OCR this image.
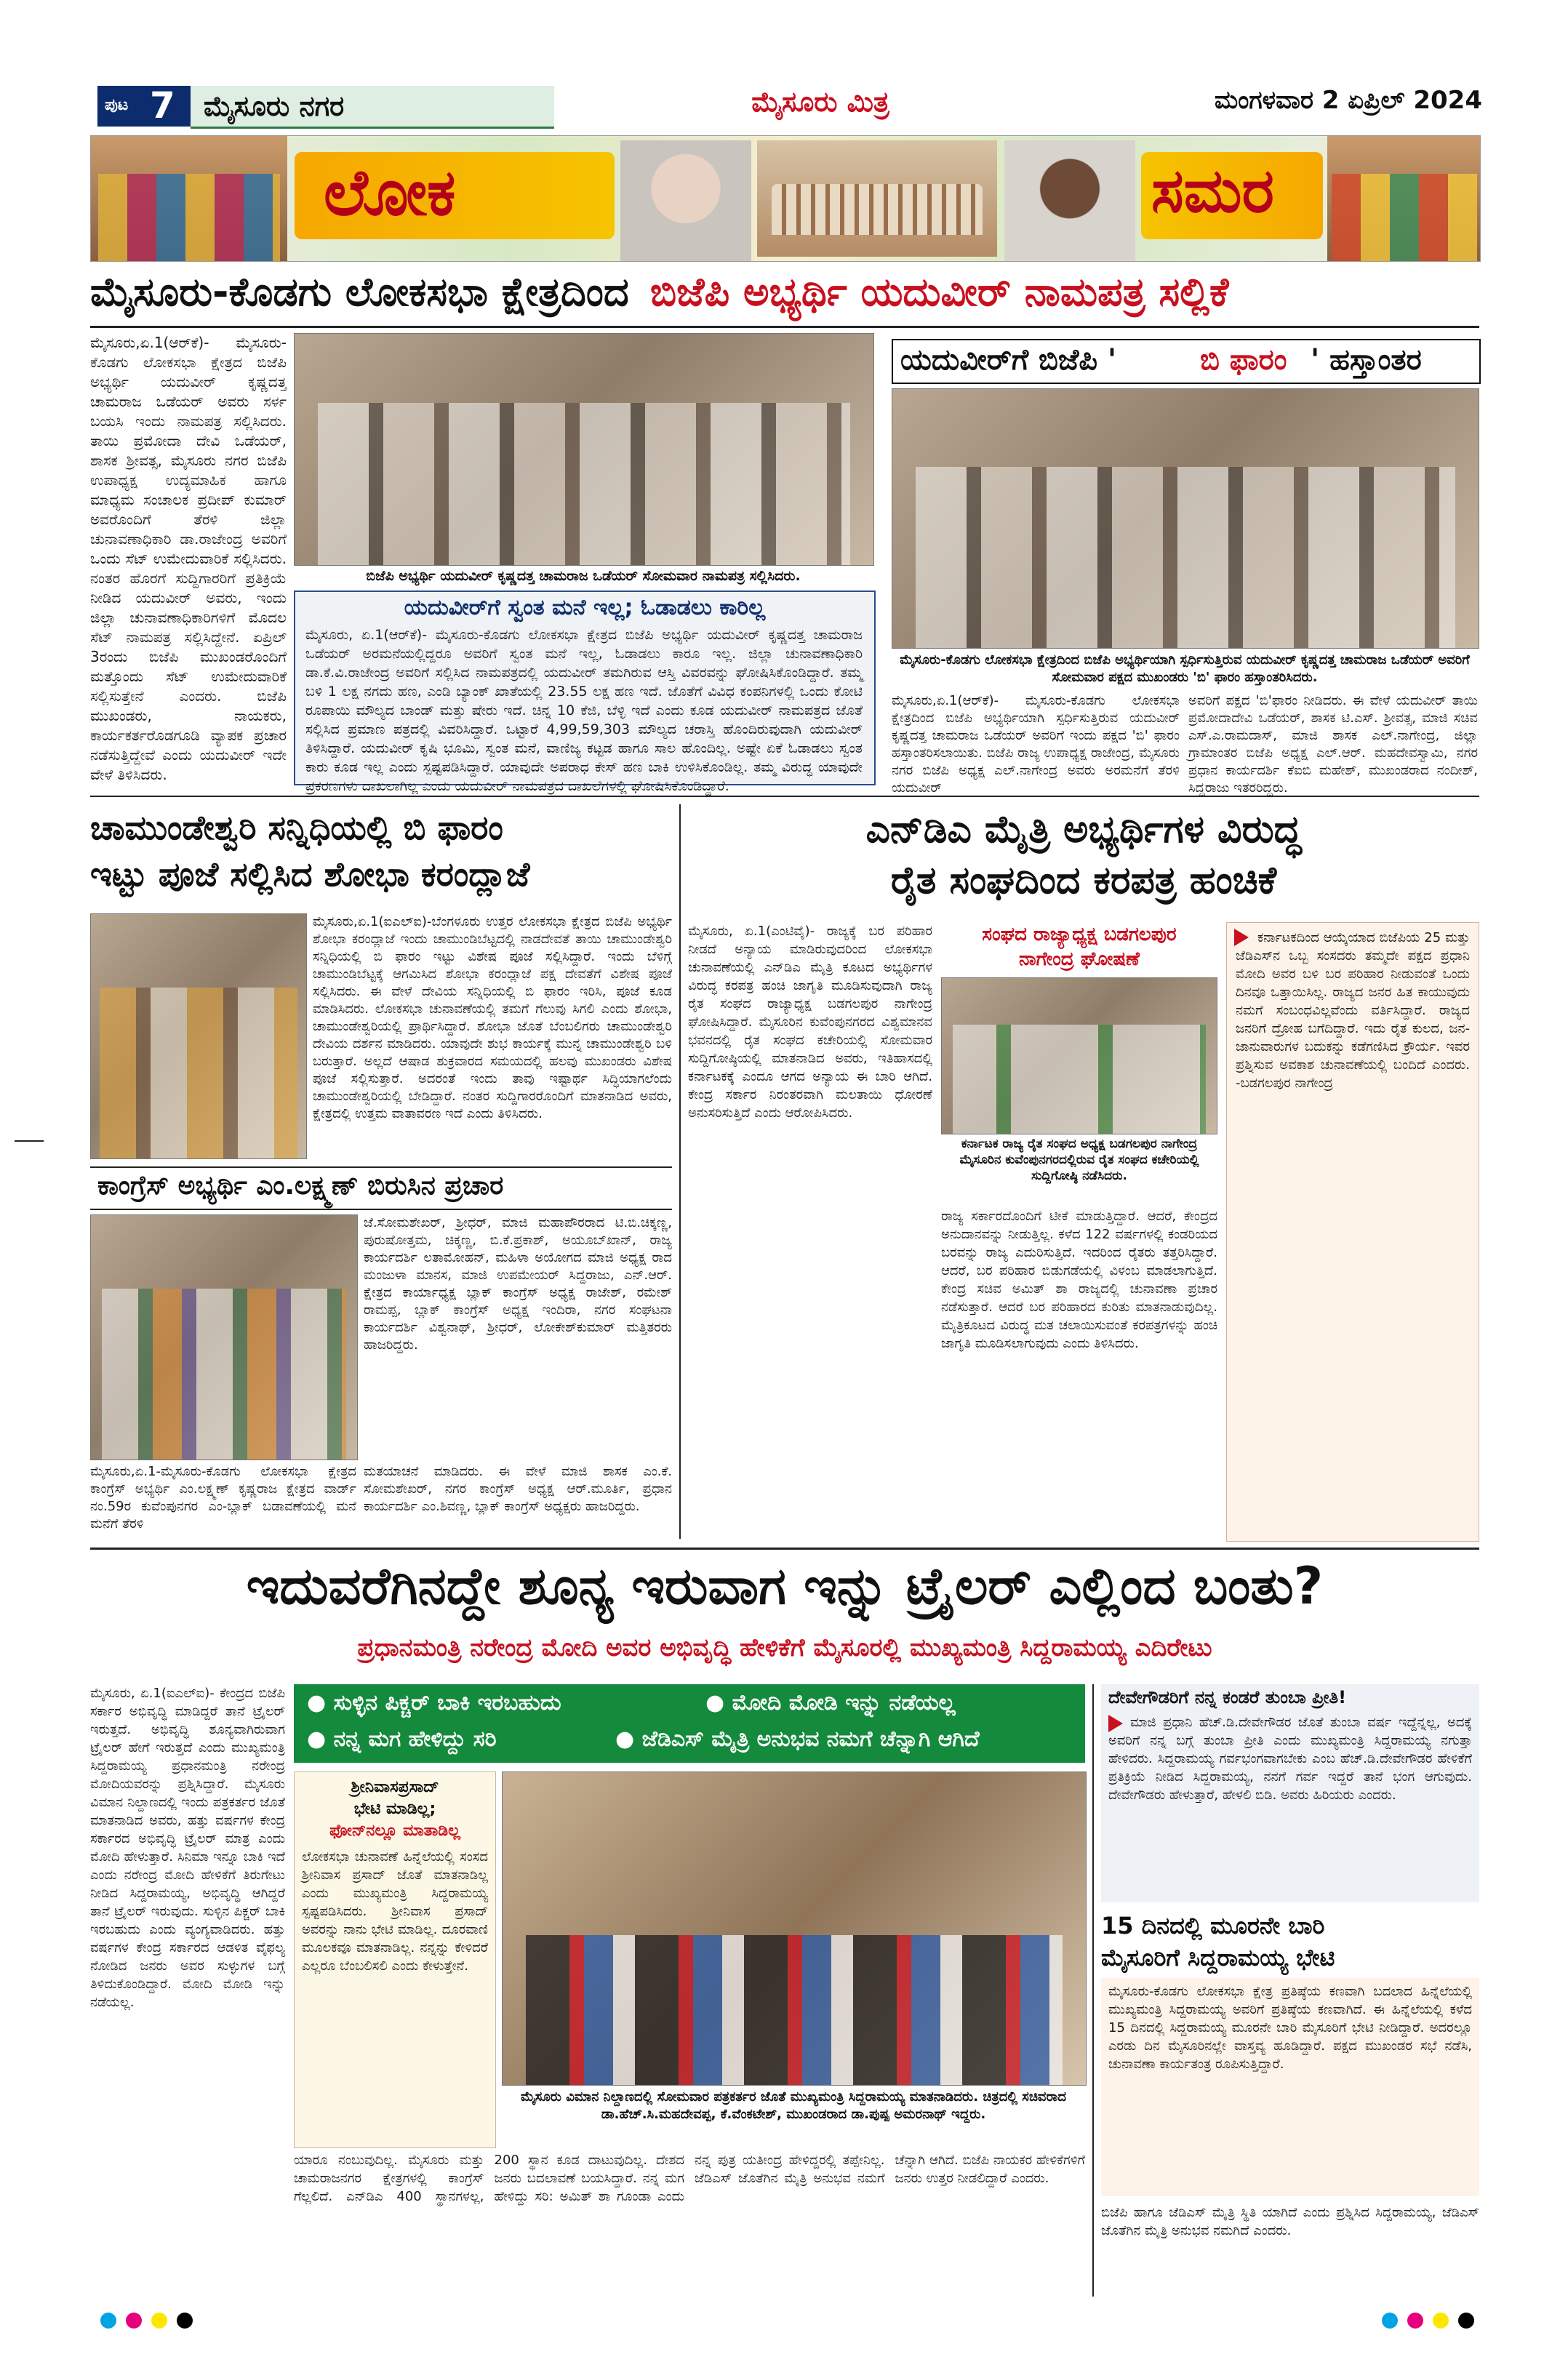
ಪುಟ 7 ಮೈಸೂರು ನಗರ	ಮೈಸೂರು ಮಿತ್ರ	ಮಂಗಳವಾರ 2 ಏಪ್ರಿಲ್ 2024
ಲೋಕ	ಸಮರ
ಮೈಸೂರು-ಕೊಡಗು ಲೋಕಸಭಾ ಕ್ಷೇತ್ರದಿಂದ ಬಿಜೆಪಿ ಅಭ್ಯರ್ಥಿ ಯದುವೀರ್ ನಾಮಪತ್ರ ಸಲ್ಲಿಕೆ
ಮೈಸೂರು,ಏ.1(ಆರ್‌ಕೆ)- ಮೈಸೂರು-ಕೊಡಗು ಲೋಕಸಭಾ ಕ್ಷೇತ್ರದ ಬಿಜೆಪಿ ಅಭ್ಯರ್ಥಿ ಯದುವೀರ್ ಕೃಷ್ಣದತ್ತ ಚಾಮರಾಜ ಒಡೆಯರ್ ಅವರು ಸರ್ಳ ಬಯಸಿ ಇಂದು ನಾಮಪತ್ರ ಸಲ್ಲಿಸಿದರು. ತಾಯಿ ಪ್ರಮೋದಾ ದೇವಿ ಒಡೆಯರ್, ಶಾಸಕ ಶ್ರೀವತ್ಸ, ಮೈಸೂರು ನಗರ ಬಿಜೆಪಿ ಉಪಾಧ್ಯಕ್ಷ ಉದ್ಯಮಾಹಿಕ ಹಾಗೂ ಮಾಧ್ಯಮ ಸಂಚಾಲಕ ಪ್ರದೀಪ್ ಕುಮಾರ್ ಅವರೊಂದಿಗೆ ತೆರಳಿ ಜಿಲ್ಲಾ ಚುನಾವಣಾಧಿಕಾರಿ ಡಾ.ರಾಜೇಂದ್ರ ಅವರಿಗೆ ಒಂದು ಸೆಟ್ ಉಮೇದುವಾರಿಕೆ ಸಲ್ಲಿಸಿದರು. ನಂತರ ಹೊರಗೆ ಸುದ್ದಿಗಾರರಿಗೆ ಪ್ರತಿಕ್ರಿಯೆ ನೀಡಿದ ಯದುವೀರ್ ಅವರು, ಇಂದು ಜಿಲ್ಲಾ ಚುನಾವಣಾಧಿಕಾರಿಗಳಿಗೆ ಮೊದಲ ಸೆಟ್ ನಾಮಪತ್ರ ಸಲ್ಲಿಸಿದ್ದೇನೆ. ಏಪ್ರಿಲ್ 3ರಂದು ಬಿಜೆಪಿ ಮುಖಂಡರೊಂದಿಗೆ ಮತ್ತೊಂದು ಸೆಟ್ ಉಮೇದುವಾರಿಕೆ ಸಲ್ಲಿಸುತ್ತೇನೆ ಎಂದರು. ಬಿಜೆಪಿ ಮುಖಂಡರು, ನಾಯಕರು, ಕಾರ್ಯಕರ್ತರೊಡಗೂಡಿ ವ್ಯಾಪಕ ಪ್ರಚಾರ ನಡೆಸುತ್ತಿದ್ದೇವೆ ಎಂದು ಯದುವೀರ್ ಇದೇ ವೇಳೆ ತಿಳಿಸಿದರು.
ಬಿಜೆಪಿ ಅಭ್ಯರ್ಥಿ ಯದುವೀರ್ ಕೃಷ್ಣದತ್ತ ಚಾಮರಾಜ ಒಡೆಯರ್ ಸೋಮವಾರ ನಾಮಪತ್ರ ಸಲ್ಲಿಸಿದರು.
ಯದುವೀರ್‌ಗೆ ಸ್ವಂತ ಮನೆ ಇಲ್ಲ; ಓಡಾಡಲು ಕಾರಿಲ್ಲ
ಮೈಸೂರು, ಏ.1(ಆರ್‌ಕೆ)- ಮೈಸೂರು-ಕೊಡಗು ಲೋಕಸಭಾ ಕ್ಷೇತ್ರದ ಬಿಜೆಪಿ ಅಭ್ಯರ್ಥಿ ಯದುವೀರ್ ಕೃಷ್ಣದತ್ತ ಚಾಮರಾಜ ಒಡೆಯರ್ ಅರಮನೆಯಲ್ಲಿದ್ದರೂ ಅವರಿಗೆ ಸ್ವಂತ ಮನೆ ಇಲ್ಲ, ಓಡಾಡಲು ಕಾರೂ ಇಲ್ಲ. ಜಿಲ್ಲಾ ಚುನಾವಣಾಧಿಕಾರಿ ಡಾ.ಕೆ.ವಿ.ರಾಜೇಂದ್ರ ಅವರಿಗೆ ಸಲ್ಲಿಸಿದ ನಾಮಪತ್ರದಲ್ಲಿ ಯದುವೀರ್ ತಮಗಿರುವ ಆಸ್ತಿ ವಿವರವನ್ನು ಘೋಷಿಸಿಕೊಂಡಿದ್ದಾರೆ. ತಮ್ಮ ಬಳಿ 1 ಲಕ್ಷ ನಗದು ಹಣ, ಎಂಡಿ ಬ್ಯಾಂಕ್ ಖಾತೆಯಲ್ಲಿ 23.55 ಲಕ್ಷ ಹಣ ಇದೆ. ಜೊತೆಗೆ ವಿವಿಧ ಕಂಪನಿಗಳಲ್ಲಿ ಒಂದು ಕೋಟಿ ರೂಪಾಯಿ ಮೌಲ್ಯದ ಬಾಂಡ್ ಮತ್ತು ಷೇರು ಇದೆ. ಚಿನ್ನ 10 ಕೆಜಿ, ಬೆಳ್ಳಿ ಇದೆ ಎಂದು ಕೂಡ ಯದುವೀರ್ ನಾಮಪತ್ರದ ಜೊತೆ ಸಲ್ಲಿಸಿದ ಪ್ರಮಾಣ ಪತ್ರದಲ್ಲಿ ವಿವರಿಸಿದ್ದಾರೆ. ಒಟ್ಟಾರೆ 4,99,59,303 ಮೌಲ್ಯದ ಚರಾಸ್ತಿ ಹೊಂದಿರುವುದಾಗಿ ಯದುವೀರ್ ತಿಳಿಸಿದ್ದಾರೆ. ಯದುವೀರ್ ಕೃಷಿ ಭೂಮಿ, ಸ್ವಂತ ಮನೆ, ವಾಣಿಜ್ಯ ಕಟ್ಟಡ ಹಾಗೂ ಸಾಲ ಹೊಂದಿಲ್ಲ. ಅಷ್ಟೇ ಏಕೆ ಓಡಾಡಲು ಸ್ವಂತ ಕಾರು ಕೂಡ ಇಲ್ಲ ಎಂದು ಸ್ಪಷ್ಟಪಡಿಸಿದ್ದಾರೆ. ಯಾವುದೇ ಅಪರಾಧ ಕೇಸ್ ಹಣ ಬಾಕಿ ಉಳಿಸಿಕೊಂಡಿಲ್ಲ. ತಮ್ಮ ವಿರುದ್ಧ ಯಾವುದೇ ಪ್ರಕರಣಗಳು ದಾಖಲಾಗಿಲ್ಲ ಎಂದು ಯದುವೀರ್ ನಾಮಪತ್ರದ ದಾಖಲೆಗಳಲ್ಲಿ ಘೋಷಿಸಿಕೊಂಡಿದ್ದಾರೆ.
ಯದುವೀರ್‌ಗೆ ಬಿಜೆಪಿ '	ಬಿ ಫಾರಂ ' ಹಸ್ತಾಂತರ
ಮೈಸೂರು-ಕೊಡಗು ಲೋಕಸಭಾ ಕ್ಷೇತ್ರದಿಂದ ಬಿಜೆಪಿ ಅಭ್ಯರ್ಥಿಯಾಗಿ ಸ್ಪರ್ಧಿಸುತ್ತಿರುವ ಯದುವೀರ್ ಕೃಷ್ಣದತ್ತ ಚಾಮರಾಜ ಒಡೆಯರ್ ಅವರಿಗೆ ಸೋಮವಾರ ಪಕ್ಷದ ಮುಖಂಡರು 'ಬಿ' ಫಾರಂ ಹಸ್ತಾಂತರಿಸಿದರು.
ಮೈಸೂರು,ಏ.1(ಆರ್‌ಕೆ)- ಮೈಸೂರು-ಕೊಡಗು ಲೋಕಸಭಾ ಕ್ಷೇತ್ರದಿಂದ ಬಿಜೆಪಿ ಅಭ್ಯರ್ಥಿಯಾಗಿ ಸ್ಪರ್ಧಿಸುತ್ತಿರುವ ಯದುವೀರ್ ಕೃಷ್ಣದತ್ತ ಚಾಮರಾಜ ಒಡೆಯರ್ ಅವರಿಗೆ ಇಂದು ಪಕ್ಷದ 'ಬಿ' ಫಾರಂ ಹಸ್ತಾಂತರಿಸಲಾಯಿತು. ಬಿಜೆಪಿ ರಾಜ್ಯ ಉಪಾಧ್ಯಕ್ಷ ರಾಜೇಂದ್ರ, ಮೈಸೂರು ನಗರ ಬಿಜೆಪಿ ಅಧ್ಯಕ್ಷ ಎಲ್.ನಾಗೇಂದ್ರ ಅವರು ಅರಮನೆಗೆ ತೆರಳಿ ಯದುವೀರ್
ಅವರಿಗೆ ಪಕ್ಷದ 'ಬಿ'ಫಾರಂ ನೀಡಿದರು. ಈ ವೇಳೆ ಯದುವೀರ್ ತಾಯಿ ಪ್ರಮೋದಾದೇವಿ ಒಡೆಯರ್, ಶಾಸಕ ಟಿ.ಎಸ್. ಶ್ರೀವತ್ಸ, ಮಾಜಿ ಸಚಿವ ಎಸ್.ಎ.ರಾಮದಾಸ್, ಮಾಜಿ ಶಾಸಕ ಎಲ್.ನಾಗೇಂದ್ರ, ಜಿಲ್ಲಾ ಗ್ರಾಮಾಂತರ ಬಿಜೆಪಿ ಅಧ್ಯಕ್ಷ ಎಲ್.ಆರ್. ಮಹದೇವಸ್ವಾಮಿ, ನಗರ ಪ್ರಧಾನ ಕಾರ್ಯದರ್ಶಿ ಕೆಐಬಿ ಮಹೇಶ್, ಮುಖಂಡರಾದ ನಂದೀಶ್, ಸಿದ್ದರಾಜು ಇತರರಿದ್ದರು.
ಚಾಮುಂಡೇಶ್ವರಿ ಸನ್ನಿಧಿಯಲ್ಲಿ ಬಿ ಫಾರಂ
ಇಟ್ಟು ಪೂಜೆ ಸಲ್ಲಿಸಿದ ಶೋಭಾ ಕರಂದ್ಲಾಜೆ
ಮೈಸೂರು,ಏ.1(ಐಎಲ್‌ಐ)-ಬೆಂಗಳೂರು ಉತ್ತರ ಲೋಕಸಭಾ ಕ್ಷೇತ್ರದ ಬಿಜೆಪಿ ಅಭ್ಯರ್ಥಿ ಶೋಭಾ ಕರಂದ್ಲಾಜೆ ಇಂದು ಚಾಮುಂಡಿಬೆಟ್ಟದಲ್ಲಿ ನಾಡದೇವತೆ ತಾಯಿ ಚಾಮುಂಡೇಶ್ವರಿ ಸನ್ನಿಧಿಯಲ್ಲಿ ಬಿ ಫಾರಂ ಇಟ್ಟು ವಿಶೇಷ ಪೂಜೆ ಸಲ್ಲಿಸಿದ್ದಾರೆ. ಇಂದು ಬೆಳಿಗ್ಗೆ ಚಾಮುಂಡಿಬೆಟ್ಟಕ್ಕೆ ಆಗಮಿಸಿದ ಶೋಭಾ ಕರಂದ್ಲಾಜೆ ಪಕ್ಷ ದೇವತೆಗೆ ವಿಶೇಷ ಪೂಜೆ ಸಲ್ಲಿಸಿದರು. ಈ ವೇಳೆ ದೇವಿಯ ಸನ್ನಿಧಿಯಲ್ಲಿ ಬಿ ಫಾರಂ ಇರಿಸಿ, ಪೂಜೆ ಕೂಡ ಮಾಡಿಸಿದರು. ಲೋಕಸಭಾ ಚುನಾವಣೆಯಲ್ಲಿ ತಮಗೆ ಗೆಲುವು ಸಿಗಲಿ ಎಂದು ಶೋಭಾ, ಚಾಮುಂಡೇಶ್ವರಿಯಲ್ಲಿ ಪ್ರಾರ್ಥಿಸಿದ್ದಾರೆ. ಶೋಭಾ ಜೊತೆ ಬೆಂಬಲಿಗರು ಚಾಮುಂಡೇಶ್ವರಿ ದೇವಿಯ ದರ್ಶನ ಮಾಡಿದರು. ಯಾವುದೇ ಶುಭ ಕಾರ್ಯಕ್ಕೆ ಮುನ್ನ ಚಾಮುಂಡೇಶ್ವರಿ ಬಳಿ ಬರುತ್ತಾರೆ. ಅಲ್ಲದೆ ಆಷಾಡ ಶುಕ್ರವಾರದ ಸಮಯದಲ್ಲಿ ಹಲವು ಮುಖಂಡರು ವಿಶೇಷ ಪೂಜೆ ಸಲ್ಲಿಸುತ್ತಾರೆ. ಅದರಂತೆ ಇಂದು ತಾವು ಇಷ್ಟಾರ್ಥ ಸಿದ್ಧಿಯಾಗಲೆಂದು ಚಾಮುಂಡೇಶ್ವರಿಯಲ್ಲಿ ಬೇಡಿದ್ದಾರೆ. ನಂತರ ಸುದ್ದಿಗಾರರೊಂದಿಗೆ ಮಾತನಾಡಿದ ಅವರು, ಕ್ಷೇತ್ರದಲ್ಲಿ ಉತ್ತಮ ವಾತಾವರಣ ಇದೆ ಎಂದು ತಿಳಿಸಿದರು.
ಕಾಂಗ್ರೆಸ್ ಅಭ್ಯರ್ಥಿ ಎಂ.ಲಕ್ಷ್ಮಣ್ ಬಿರುಸಿನ ಪ್ರಚಾರ
ಜೆ.ಸೋಮಶೇಖರ್, ಶ್ರೀಧರ್, ಮಾಜಿ ಮಹಾಪೌರರಾದ ಟಿ.ಬಿ.ಚಿಕ್ಕಣ್ಣ, ಪುರುಷೋತ್ತಮ, ಚಿಕ್ಕಣ್ಣ, ಬಿ.ಕೆ.ಪ್ರಕಾಶ್, ಅಯೂಬ್‌ಖಾನ್, ರಾಜ್ಯ ಕಾರ್ಯದರ್ಶಿ ಲತಾಮೋಹನ್, ಮಹಿಳಾ ಅಯೋಗದ ಮಾಜಿ ಅಧ್ಯಕ್ಷ ರಾದ ಮಂಜುಳಾ ಮಾನಸ, ಮಾಜಿ ಉಪಮೇಯರ್ ಸಿದ್ದರಾಜು, ಎನ್.ಆರ್. ಕ್ಷೇತ್ರದ ಕಾರ್ಯಾಧ್ಯಕ್ಷ ಬ್ಲಾಕ್ ಕಾಂಗ್ರೆಸ್ ಅಧ್ಯಕ್ಷ ರಾಜೇಶ್, ರಮೇಶ್ ರಾಮಪ್ಪ, ಬ್ಲಾಕ್ ಕಾಂಗ್ರೆಸ್ ಅಧ್ಯಕ್ಷ ಇಂದಿರಾ, ನಗರ ಸಂಘಟನಾ ಕಾರ್ಯದರ್ಶಿ ವಿಶ್ವನಾಥ್, ಶ್ರೀಧರ್, ಲೋಕೇಶ್‌ಕುಮಾರ್ ಮತ್ತಿತರರು ಹಾಜರಿದ್ದರು.
ಮೈಸೂರು,ಏ.1-ಮೈಸೂರು-ಕೊಡಗು ಲೋಕಸಭಾ ಕ್ಷೇತ್ರದ ಕಾಂಗ್ರೆಸ್ ಅಭ್ಯರ್ಥಿ ಎಂ.ಲಕ್ಷ್ಮಣ್ ಕೃಷ್ಣರಾಜ ಕ್ಷೇತ್ರದ ವಾರ್ಡ್ ನಂ.59ರ ಕುವೆಂಪುನಗರ ಎಂ-ಬ್ಲಾಕ್ ಬಡಾವಣೆಯಲ್ಲಿ ಮನೆ ಮನೆಗೆ ತೆರಳಿ
ಮತಯಾಚನೆ ಮಾಡಿದರು. ಈ ವೇಳೆ ಮಾಜಿ ಶಾಸಕ ಎಂ.ಕೆ. ಸೋಮಶೇಖರ್, ನಗರ ಕಾಂಗ್ರೆಸ್ ಅಧ್ಯಕ್ಷ ಆರ್.ಮೂರ್ತಿ, ಪ್ರಧಾನ ಕಾರ್ಯದರ್ಶಿ ಎಂ.ಶಿವಣ್ಣ, ಬ್ಲಾಕ್ ಕಾಂಗ್ರೆಸ್ ಅಧ್ಯಕ್ಷರು ಹಾಜರಿದ್ದರು.
ಎನ್‌ಡಿಎ ಮೈತ್ರಿ ಅಭ್ಯರ್ಥಿಗಳ ವಿರುದ್ಧ
ರೈತ ಸಂಘದಿಂದ ಕರಪತ್ರ ಹಂಚಿಕೆ
ಮೈಸೂರು, ಏ.1(ಎಂಟಿವೈ)- ರಾಜ್ಯಕ್ಕೆ ಬರ ಪರಿಹಾರ ನೀಡದೆ ಅನ್ಯಾಯ ಮಾಡಿರುವುದರಿಂದ ಲೋಕಸಭಾ ಚುನಾವಣೆಯಲ್ಲಿ ಎನ್‌ಡಿಎ ಮೈತ್ರಿ ಕೂಟದ ಅಭ್ಯರ್ಥಿಗಳ ವಿರುದ್ಧ ಕರಪತ್ರ ಹಂಚಿ ಜಾಗೃತಿ ಮೂಡಿಸುವುದಾಗಿ ರಾಜ್ಯ ರೈತ ಸಂಘದ ರಾಜ್ಯಾಧ್ಯಕ್ಷ ಬಡಗಲಪುರ ನಾಗೇಂದ್ರ ಘೋಷಿಸಿದ್ದಾರೆ. ಮೈಸೂರಿನ ಕುವೆಂಪುನಗರದ ವಿಶ್ವಮಾನವ ಭವನದಲ್ಲಿ ರೈತ ಸಂಘದ ಕಚೇರಿಯಲ್ಲಿ ಸೋಮವಾರ ಸುದ್ದಿಗೋಷ್ಠಿಯಲ್ಲಿ ಮಾತನಾಡಿದ ಅವರು, ಇತಿಹಾಸದಲ್ಲಿ ಕರ್ನಾಟಕಕ್ಕೆ ಎಂದೂ ಆಗದ ಅನ್ಯಾಯ ಈ ಬಾರಿ ಆಗಿದೆ. ಕೇಂದ್ರ ಸರ್ಕಾರ ನಿರಂತರವಾಗಿ ಮಲತಾಯಿ ಧೋರಣೆ ಅನುಸರಿಸುತ್ತಿದೆ ಎಂದು ಆರೋಪಿಸಿದರು.
ಸಂಘದ ರಾಜ್ಯಾಧ್ಯಕ್ಷ ಬಡಗಲಪುರ
ನಾಗೇಂದ್ರ ಘೋಷಣೆ
ಕರ್ನಾಟಕ ರಾಜ್ಯ ರೈತ ಸಂಘದ ಅಧ್ಯಕ್ಷ ಬಡಗಲಪುರ ನಾಗೇಂದ್ರ ಮೈಸೂರಿನ ಕುವೆಂಪುನಗರದಲ್ಲಿರುವ ರೈತ ಸಂಘದ ಕಚೇರಿಯಲ್ಲಿ ಸುದ್ದಿಗೋಷ್ಠಿ ನಡೆಸಿದರು.
ರಾಜ್ಯ ಸರ್ಕಾರದೊಂದಿಗೆ ಟೀಕೆ ಮಾಡುತ್ತಿದ್ದಾರೆ. ಆದರೆ, ಕೇಂದ್ರದ ಅನುದಾನವನ್ನು ನೀಡುತ್ತಿಲ್ಲ. ಕಳೆದ 122 ವರ್ಷಗಳಲ್ಲಿ ಕಂಡರಿಯದ ಬರವನ್ನು ರಾಜ್ಯ ಎದುರಿಸುತ್ತಿದೆ. ಇದರಿಂದ ರೈತರು ತತ್ತರಿಸಿದ್ದಾರೆ. ಆದರೆ, ಬರ ಪರಿಹಾರ ಬಿಡುಗಡೆಯಲ್ಲಿ ವಿಳಂಬ ಮಾಡಲಾಗುತ್ತಿದೆ. ಕೇಂದ್ರ ಸಚಿವ ಅಮಿತ್ ಶಾ ರಾಜ್ಯದಲ್ಲಿ ಚುನಾವಣಾ ಪ್ರಚಾರ ನಡೆಸುತ್ತಾರೆ. ಆದರೆ ಬರ ಪರಿಹಾರದ ಕುರಿತು ಮಾತನಾಡುವುದಿಲ್ಲ. ಮೈತ್ರಿಕೂಟದ ವಿರುದ್ಧ ಮತ ಚಲಾಯಿಸುವಂತೆ ಕರಪತ್ರಗಳನ್ನು ಹಂಚಿ ಜಾಗೃತಿ ಮೂಡಿಸಲಾಗುವುದು ಎಂದು ತಿಳಿಸಿದರು.
ಕರ್ನಾಟಕದಿಂದ ಆಯ್ಕೆಯಾದ ಬಿಜೆಪಿಯ 25 ಮತ್ತು ಜೆಡಿಎಸ್‌ನ ಒಬ್ಬ ಸಂಸದರು ತಮ್ಮದೇ ಪಕ್ಷದ ಪ್ರಧಾನಿ ಮೋದಿ ಅವರ ಬಳಿ ಬರ ಪರಿಹಾರ ನೀಡುವಂತೆ ಒಂದು ದಿನವೂ ಒತ್ತಾಯಿಸಿಲ್ಲ. ರಾಜ್ಯದ ಜನರ ಹಿತ ಕಾಯುವುದು ನಮಗೆ ಸಂಬಂಧವಿಲ್ಲವೆಂದು ವರ್ತಿಸಿದ್ದಾರೆ. ರಾಜ್ಯದ ಜನರಿಗೆ ದ್ರೋಹ ಬಗೆದಿದ್ದಾರೆ. ಇದು ರೈತ ಕುಲದ, ಜನ-ಜಾನುವಾರುಗಳ ಬದುಕನ್ನು ಕಡೆಗಣಿಸಿದ ಕ್ರೌರ್ಯ. ಇವರ ಪ್ರಶ್ನಿಸುವ ಅವಕಾಶ ಚುನಾವಣೆಯಲ್ಲಿ ಬಂದಿದೆ ಎಂದರು. -ಬಡಗಲಪುರ ನಾಗೇಂದ್ರ
ಇದುವರೆಗಿನದ್ದೇ ಶೂನ್ಯ ಇರುವಾಗ ಇನ್ನು ಟ್ರೈಲರ್ ಎಲ್ಲಿಂದ ಬಂತು?
ಪ್ರಧಾನಮಂತ್ರಿ ನರೇಂದ್ರ ಮೋದಿ ಅವರ ಅಭಿವೃದ್ಧಿ ಹೇಳಿಕೆಗೆ ಮೈಸೂರಲ್ಲಿ ಮುಖ್ಯಮಂತ್ರಿ ಸಿದ್ದರಾಮಯ್ಯ ಎದಿರೇಟು
● ಸುಳ್ಳಿನ ಪಿಕ್ಚರ್ ಬಾಕಿ ಇರಬಹುದು	● ಮೋದಿ ಮೋಡಿ ಇನ್ನು ನಡೆಯಲ್ಲ
● ನನ್ನ ಮಗ ಹೇಳಿದ್ದು ಸರಿ	● ಜೆಡಿಎಸ್ ಮೈತ್ರಿ ಅನುಭವ ನಮಗೆ ಚೆನ್ನಾಗಿ ಆಗಿದೆ
ಮೈಸೂರು, ಏ.1(ಐಎಲ್‌ಐ)- ಕೇಂದ್ರದ ಬಿಜೆಪಿ ಸರ್ಕಾರ ಅಭಿವೃದ್ಧಿ ಮಾಡಿದ್ದರೆ ತಾನೆ ಟ್ರೈಲರ್ ಇರುತ್ತದೆ. ಅಭಿವೃದ್ಧಿ ಶೂನ್ಯವಾಗಿರುವಾಗ ಟ್ರೈಲರ್ ಹೇಗೆ ಇರುತ್ತದೆ ಎಂದು ಮುಖ್ಯಮಂತ್ರಿ ಸಿದ್ದರಾಮಯ್ಯ ಪ್ರಧಾನಮಂತ್ರಿ ನರೇಂದ್ರ ಮೋದಿಯವರನ್ನು ಪ್ರಶ್ನಿಸಿದ್ದಾರೆ. ಮೈಸೂರು ವಿಮಾನ ನಿಲ್ದಾಣದಲ್ಲಿ ಇಂದು ಪತ್ರಕರ್ತರ ಜೊತೆ ಮಾತನಾಡಿದ ಅವರು, ಹತ್ತು ವರ್ಷಗಳ ಕೇಂದ್ರ ಸರ್ಕಾರದ ಅಭಿವೃದ್ಧಿ ಟ್ರೈಲರ್ ಮಾತ್ರ ಎಂದು ಮೋದಿ ಹೇಳುತ್ತಾರೆ. ಸಿನಿಮಾ ಇನ್ನೂ ಬಾಕಿ ಇದೆ ಎಂದು ನರೇಂದ್ರ ಮೋದಿ ಹೇಳಿಕೆಗೆ ತಿರುಗೇಟು ನೀಡಿದ ಸಿದ್ದರಾಮಯ್ಯ, ಅಭಿವೃದ್ಧಿ ಆಗಿದ್ದರೆ ತಾನೆ ಟ್ರೈಲರ್ ಇರುವುದು. ಸುಳ್ಳಿನ ಪಿಕ್ಚರ್ ಬಾಕಿ ಇರಬಹುದು ಎಂದು ವ್ಯಂಗ್ಯವಾಡಿದರು. ಹತ್ತು ವರ್ಷಗಳ ಕೇಂದ್ರ ಸರ್ಕಾರದ ಆಡಳಿತ ವೈಫಲ್ಯ ನೋಡಿದ ಜನರು ಅವರ ಸುಳ್ಳುಗಳ ಬಗ್ಗೆ ತಿಳಿದುಕೊಂಡಿದ್ದಾರೆ. ಮೋದಿ ಮೋಡಿ ಇನ್ನು ನಡೆಯಲ್ಲ.
ಶ್ರೀನಿವಾಸಪ್ರಸಾದ್
ಭೇಟಿ ಮಾಡಿಲ್ಲ;
ಫೋನ್‌ನಲ್ಲೂ ಮಾತಾಡಿಲ್ಲ
ಲೋಕಸಭಾ ಚುನಾವಣೆ ಹಿನ್ನೆಲೆಯಲ್ಲಿ ಸಂಸದ ಶ್ರೀನಿವಾಸ ಪ್ರಸಾದ್ ಜೊತೆ ಮಾತನಾಡಿಲ್ಲ ಎಂದು ಮುಖ್ಯಮಂತ್ರಿ ಸಿದ್ದರಾಮಯ್ಯ ಸ್ಪಷ್ಟಪಡಿಸಿದರು. ಶ್ರೀನಿವಾಸ ಪ್ರಸಾದ್ ಅವರನ್ನು ನಾನು ಭೇಟಿ ಮಾಡಿಲ್ಲ. ದೂರವಾಣಿ ಮೂಲಕವೂ ಮಾತನಾಡಿಲ್ಲ. ನನ್ನನ್ನು ಕೇಳಿದರೆ ಎಲ್ಲರೂ ಬೆಂಬಲಿಸಲಿ ಎಂದು ಕೇಳುತ್ತೇನೆ.
ಮೈಸೂರು ವಿಮಾನ ನಿಲ್ದಾಣದಲ್ಲಿ ಸೋಮವಾರ ಪತ್ರಕರ್ತರ ಜೊತೆ ಮುಖ್ಯಮಂತ್ರಿ ಸಿದ್ದರಾಮಯ್ಯ ಮಾತನಾಡಿದರು. ಚಿತ್ರದಲ್ಲಿ ಸಚಿವರಾದ ಡಾ.ಹೆಚ್.ಸಿ.ಮಹದೇವಪ್ಪ, ಕೆ.ವೆಂಕಟೇಶ್, ಮುಖಂಡರಾದ ಡಾ.ಪುಷ್ಪ ಅಮರನಾಥ್ ಇದ್ದರು.
ಯಾರೂ ನಂಬುವುದಿಲ್ಲ. ಮೈಸೂರು ಮತ್ತು ಚಾಮರಾಜನಗರ ಕ್ಷೇತ್ರಗಳಲ್ಲಿ ಕಾಂಗ್ರೆಸ್ ಗೆಲ್ಲಲಿದೆ. ಎನ್‌ಡಿಎ 400 ಸ್ಥಾನಗಳಲ್ಲ, 200 ಸ್ಥಾನ ಕೂಡ ದಾಟುವುದಿಲ್ಲ. ದೇಶದ ಜನರು ಬದಲಾವಣೆ ಬಯಸಿದ್ದಾರೆ. ನನ್ನ ಮಗ ಹೇಳಿದ್ದು ಸರಿ: ಅಮಿತ್ ಶಾ ಗೂಂಡಾ ಎಂದು ನನ್ನ ಪುತ್ರ ಯತೀಂದ್ರ ಹೇಳಿದ್ದರಲ್ಲಿ ತಪ್ಪೇನಿಲ್ಲ. ಜೆಡಿಎಸ್ ಜೊತೆಗಿನ ಮೈತ್ರಿ ಅನುಭವ ನಮಗೆ ಚೆನ್ನಾಗಿ ಆಗಿದೆ. ಬಿಜೆಪಿ ನಾಯಕರ ಹೇಳಿಕೆಗಳಿಗೆ ಜನರು ಉತ್ತರ ನೀಡಲಿದ್ದಾರೆ ಎಂದರು.
ದೇವೇಗೌಡರಿಗೆ ನನ್ನ ಕಂಡರೆ ತುಂಬಾ ಪ್ರೀತಿ!
ಮಾಜಿ ಪ್ರಧಾನಿ ಹೆಚ್.ಡಿ.ದೇವೇಗೌಡರ ಜೊತೆ ತುಂಬಾ ವರ್ಷ ಇದ್ದೆನ್ನಲ್ಲ, ಅದಕ್ಕೆ ಅವರಿಗೆ ನನ್ನ ಬಗ್ಗೆ ತುಂಬಾ ಪ್ರೀತಿ ಎಂದು ಮುಖ್ಯಮಂತ್ರಿ ಸಿದ್ದರಾಮಯ್ಯ ನಗುತ್ತಾ ಹೇಳಿದರು. ಸಿದ್ದರಾಮಯ್ಯ ಗರ್ವಭಂಗವಾಗಬೇಕು ಎಂಬ ಹೆಚ್.ಡಿ.ದೇವೇಗೌಡರ ಹೇಳಿಕೆಗೆ ಪ್ರತಿಕ್ರಿಯೆ ನೀಡಿದ ಸಿದ್ದರಾಮಯ್ಯ, ನನಗೆ ಗರ್ವ ಇದ್ದರೆ ತಾನೆ ಭಂಗ ಆಗುವುದು. ದೇವೇಗೌಡರು ಹೇಳುತ್ತಾರೆ, ಹೇಳಲಿ ಬಿಡಿ. ಅವರು ಹಿರಿಯರು ಎಂದರು.
15 ದಿನದಲ್ಲಿ ಮೂರನೇ ಬಾರಿ
ಮೈಸೂರಿಗೆ ಸಿದ್ದರಾಮಯ್ಯ ಭೇಟಿ
ಮೈಸೂರು-ಕೊಡಗು ಲೋಕಸಭಾ ಕ್ಷೇತ್ರ ಪ್ರತಿಷ್ಠೆಯ ಕಣವಾಗಿ ಬದಲಾದ ಹಿನ್ನೆಲೆಯಲ್ಲಿ ಮುಖ್ಯಮಂತ್ರಿ ಸಿದ್ದರಾಮಯ್ಯ ಅವರಿಗೆ ಪ್ರತಿಷ್ಠೆಯ ಕಣವಾಗಿದೆ. ಈ ಹಿನ್ನೆಲೆಯಲ್ಲಿ ಕಳೆದ 15 ದಿನದಲ್ಲಿ ಸಿದ್ದರಾಮಯ್ಯ ಮೂರನೇ ಬಾರಿ ಮೈಸೂರಿಗೆ ಭೇಟಿ ನೀಡಿದ್ದಾರೆ. ಅದರಲ್ಲೂ ಎರಡು ದಿನ ಮೈಸೂರಿನಲ್ಲೇ ವಾಸ್ತವ್ಯ ಹೂಡಿದ್ದಾರೆ. ಪಕ್ಷದ ಮುಖಂಡರ ಸಭೆ ನಡೆಸಿ, ಚುನಾವಣಾ ಕಾರ್ಯತಂತ್ರ ರೂಪಿಸುತ್ತಿದ್ದಾರೆ.
ಬಿಜೆಪಿ ಹಾಗೂ ಜೆಡಿಎಸ್ ಮೈತ್ರಿ ಸ್ಥಿತಿ ಯಾಗಿದೆ ಎಂದು ಪ್ರಶ್ನಿಸಿದ ಸಿದ್ದರಾಮಯ್ಯ, ಜೆಡಿಎಸ್ ಜೊತೆಗಿನ ಮೈತ್ರಿ ಅನುಭವ ನಮಗಿದೆ ಎಂದರು.
